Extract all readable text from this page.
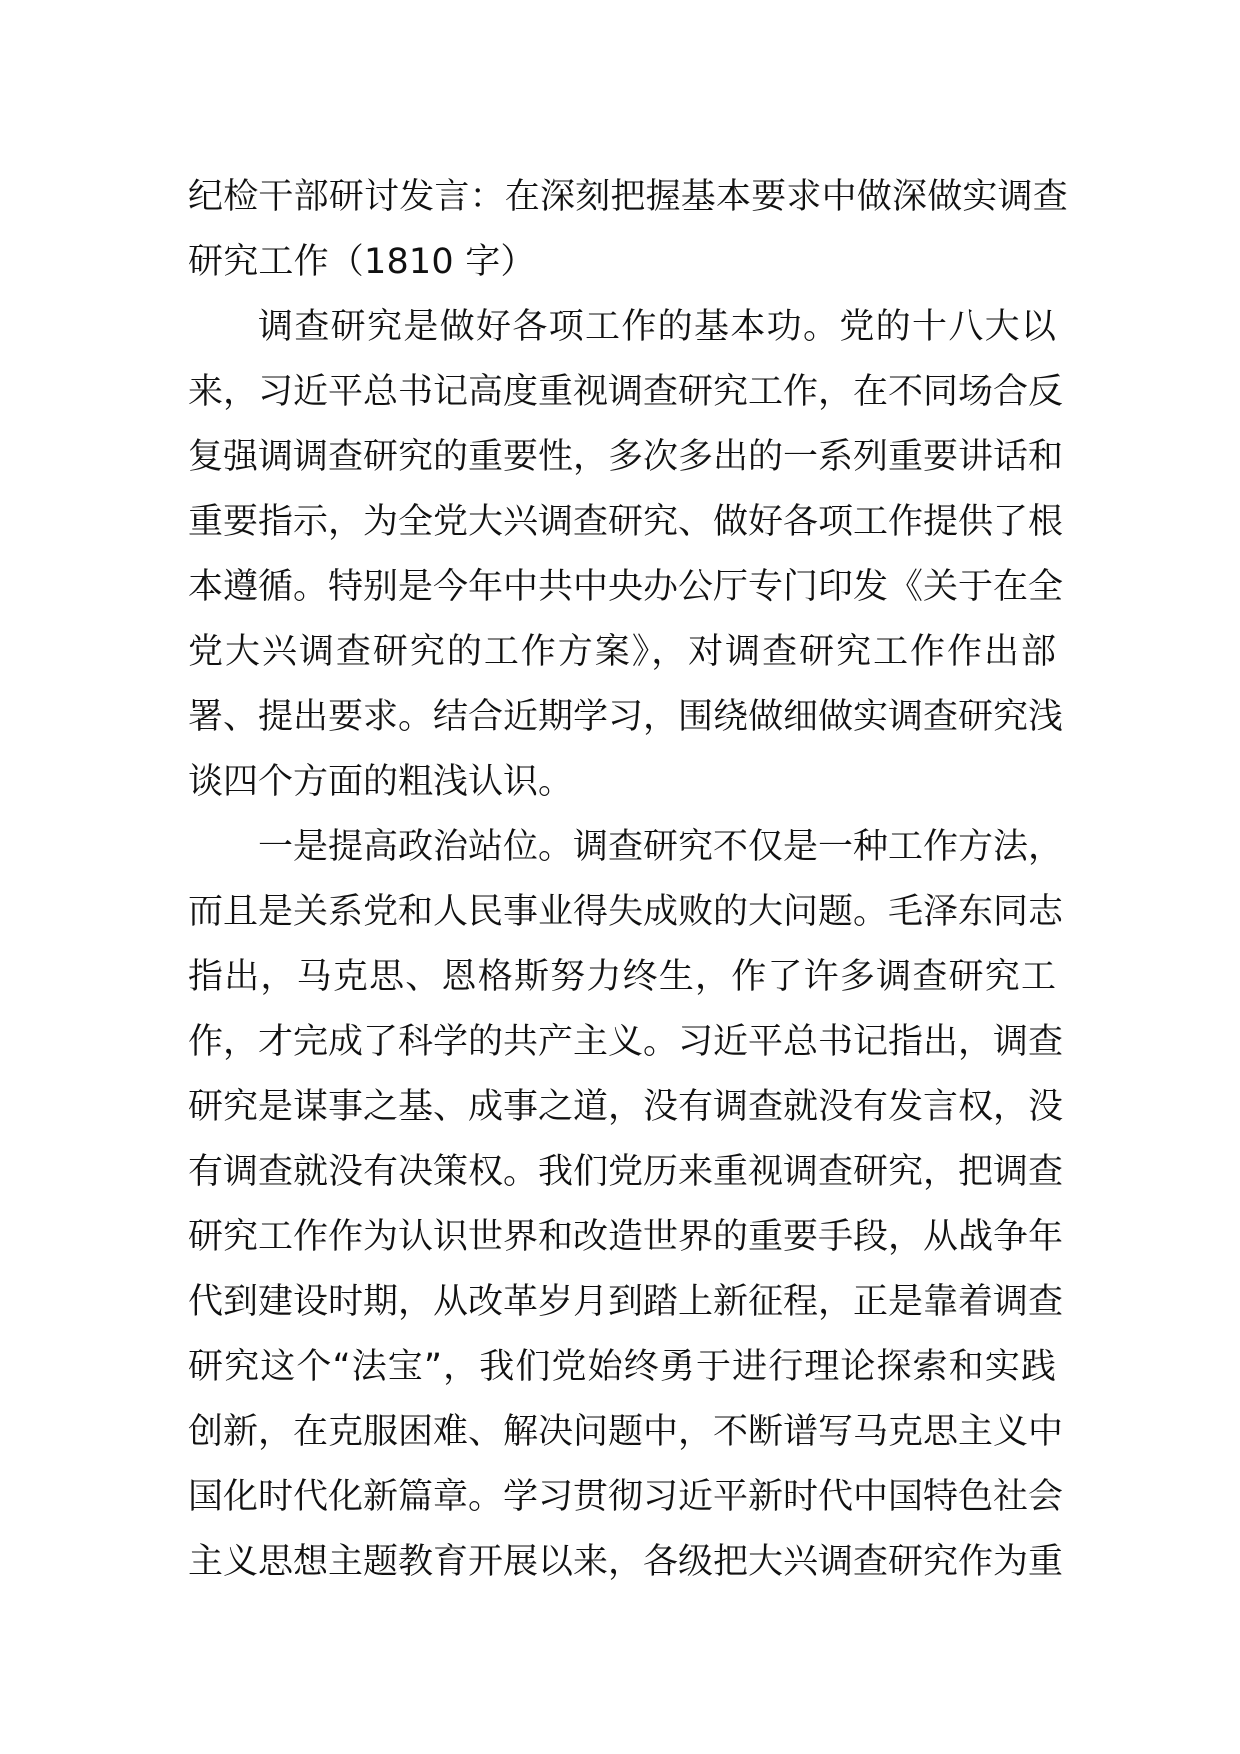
纪检干部研讨发言：在深刻把握基本要求中做深做实调查
研究工作（1810 字）

调查研究是做好各项工作的基本功。党的十八大以
来，习近平总书记高度重视调查研究工作，在不同场合反
复强调调查研究的重要性，多次多出的一系列重要讲话和
重要指示，为全党大兴调查研究、做好各项工作提供了根
本遵循。特别是今年中共中央办公厅专门印发《关于在全
党大兴调查研究的工作方案》，对调查研究工作作出部
署、提出要求。结合近期学习，围绕做细做实调查研究浅
谈四个方面的粗浅认识。

一是提高政治站位。调查研究不仅是一种工作方法，
而且是关系党和人民事业得失成败的大问题。毛泽东同志
指出，马克思、恩格斯努力终生，作了许多调查研究工
作，才完成了科学的共产主义。习近平总书记指出，调查
研究是谋事之基、成事之道，没有调查就没有发言权，没
有调查就没有决策权。我们党历来重视调查研究，把调查
研究工作作为认识世界和改造世界的重要手段，从战争年
代到建设时期，从改革岁月到踏上新征程，正是靠着调查
研究这个“法宝”，我们党始终勇于进行理论探索和实践
创新，在克服困难、解决问题中，不断谱写马克思主义中
国化时代化新篇章。学习贯彻习近平新时代中国特色社会
主义思想主题教育开展以来，各级把大兴调查研究作为重
